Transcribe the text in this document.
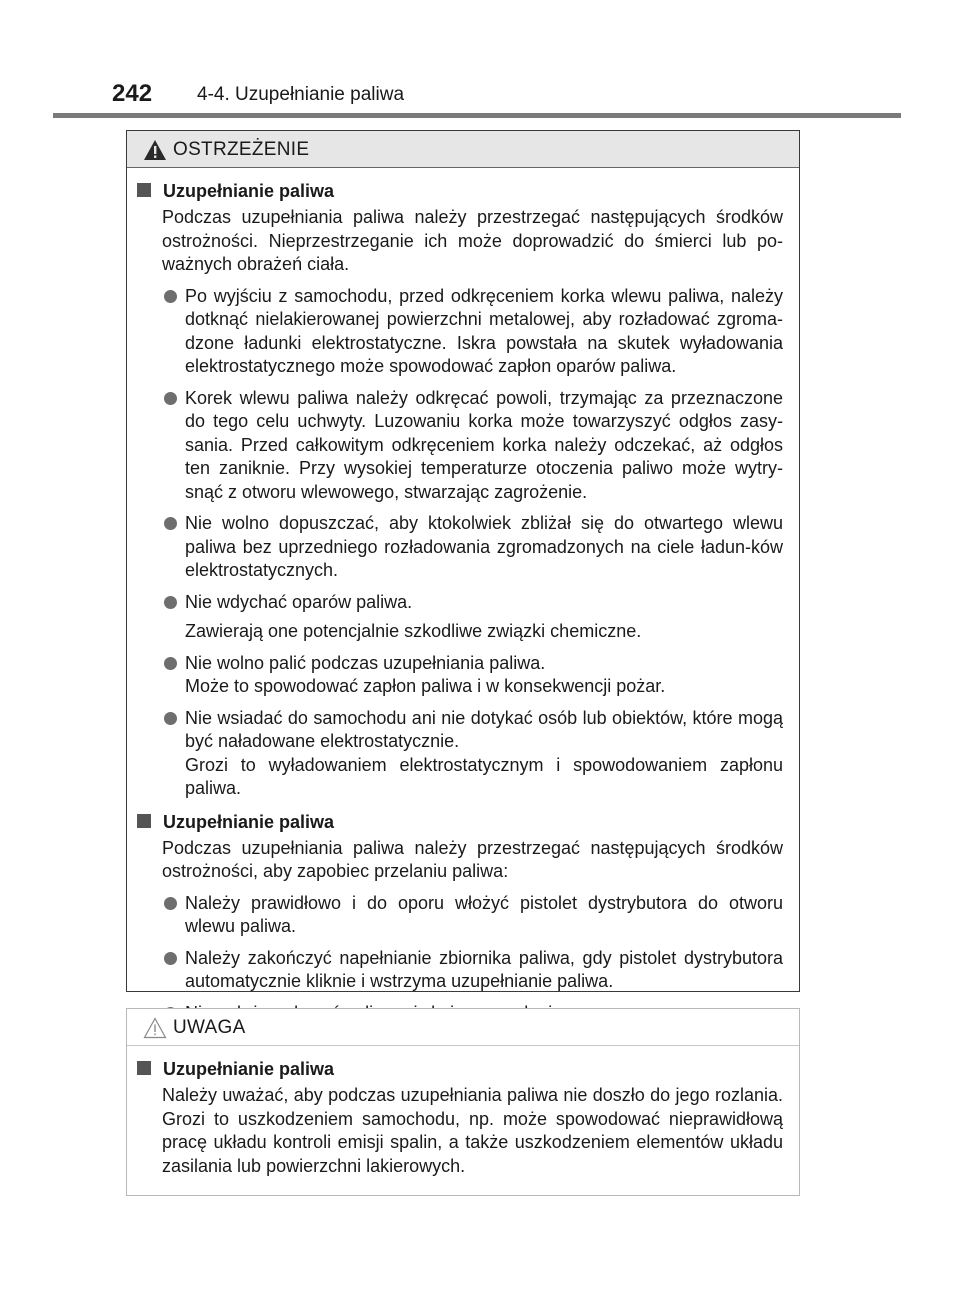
242 4-4. Uzupełnianie paliwa
OSTRZEŻENIE
Uzupełnianie paliwa
Podczas uzupełniania paliwa należy przestrzegać następujących środków ostrożności. Nieprzestrzeganie ich może doprowadzić do śmierci lub po-ważnych obrażeń ciała.
Po wyjściu z samochodu, przed odkręceniem korka wlewu paliwa, należy dotknąć nielakierowanej powierzchni metalowej, aby rozładować zgroma-dzone ładunki elektrostatyczne. Iskra powstała na skutek wyładowania elektrostatycznego może spowodować zapłon oparów paliwa.
Korek wlewu paliwa należy odkręcać powoli, trzymając za przeznaczone do tego celu uchwyty. Luzowaniu korka może towarzyszyć odgłos zasy-sania. Przed całkowitym odkręceniem korka należy odczekać, aż odgłos ten zaniknie. Przy wysokiej temperaturze otoczenia paliwo może wytry-snąć z otworu wlewowego, stwarzając zagrożenie.
Nie wolno dopuszczać, aby ktokolwiek zbliżał się do otwartego wlewu paliwa bez uprzedniego rozładowania zgromadzonych na ciele ładun-ków elektrostatycznych.
Nie wdychać oparów paliwa.
Zawierają one potencjalnie szkodliwe związki chemiczne.
Nie wolno palić podczas uzupełniania paliwa.
Może to spowodować zapłon paliwa i w konsekwencji pożar.
Nie wsiadać do samochodu ani nie dotykać osób lub obiektów, które mogą być naładowane elektrostatycznie.
Grozi to wyładowaniem elektrostatycznym i spowodowaniem zapłonu paliwa.
Uzupełnianie paliwa
Podczas uzupełniania paliwa należy przestrzegać następujących środków ostrożności, aby zapobiec przelaniu paliwa:
Należy prawidłowo i do oporu włożyć pistolet dystrybutora do otworu wlewu paliwa.
Należy zakończyć napełnianie zbiornika paliwa, gdy pistolet dystrybutora automatycznie kliknie i wstrzyma uzupełnianie paliwa.
UWAGA
Uzupełnianie paliwa
Należy uważać, aby podczas uzupełniania paliwa nie doszło do jego rozlania. Grozi to uszkodzeniem samochodu, np. może spowodować nieprawidłową pracę układu kontroli emisji spalin, a także uszkodzeniem elementów układu zasilania lub powierzchni lakierowych.
